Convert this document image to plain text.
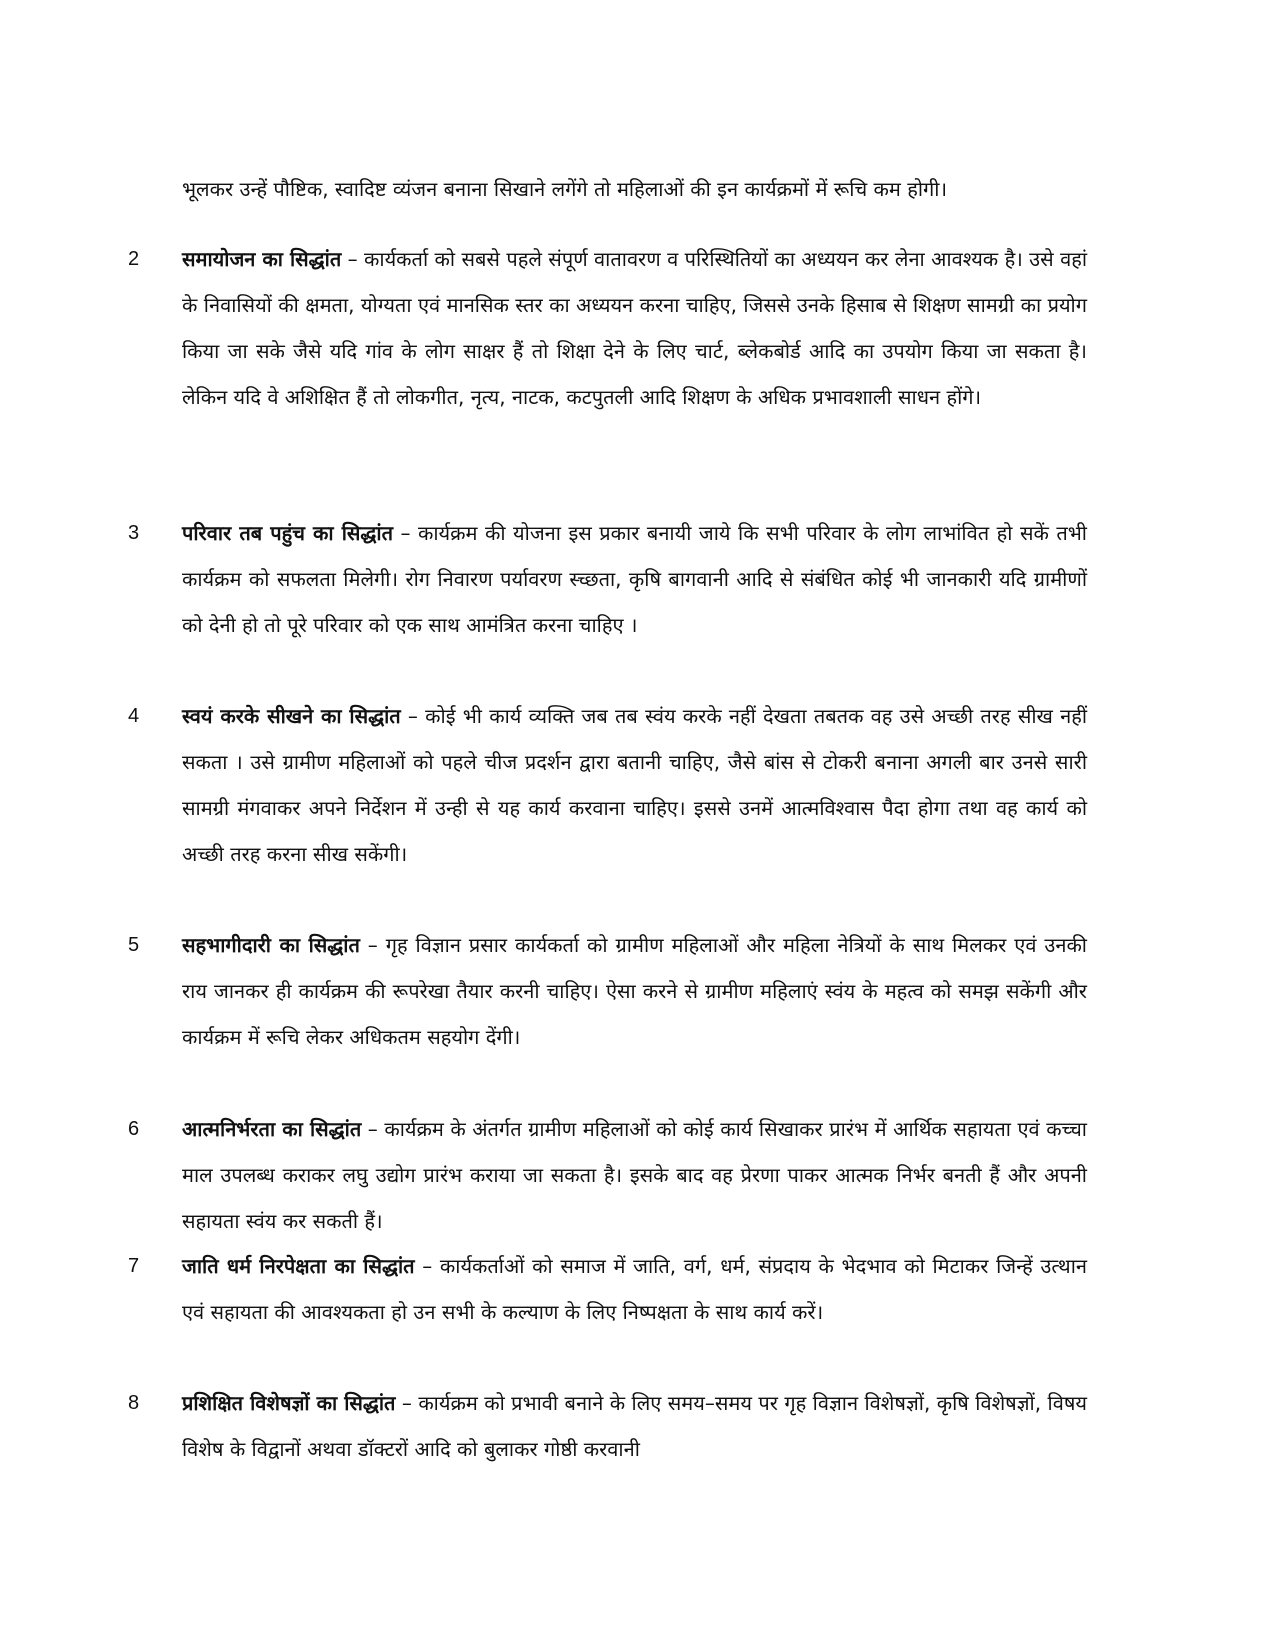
भूलकर उन्हें पौष्टिक, स्वादिष्ट व्यंजन बनाना सिखाने लगेंगे तो महिलाओं की इन कार्यक्रमों में रूचि कम होगी।

2 समायोजन का सिद्धांत – कार्यकर्ता को सबसे पहले संपूर्ण वातावरण व परिस्थितियों का अध्ययन कर लेना आवश्यक है। उसे वहां के निवासियों की क्षमता, योग्यता एवं मानसिक स्तर का अध्ययन करना चाहिए, जिससे उनके हिसाब से शिक्षण सामग्री का प्रयोग किया जा सके जैसे यदि गांव के लोग साक्षर हैं तो शिक्षा देने के लिए चार्ट, ब्लेकबोर्ड आदि का उपयोग किया जा सकता है। लेकिन यदि वे अशिक्षित हैं तो लोकगीत, नृत्य, नाटक, कटपुतली आदि शिक्षण के अधिक प्रभावशाली साधन होंगे।
3 परिवार तब पहुंच का सिद्धांत – कार्यक्रम की योजना इस प्रकार बनायी जाये कि सभी परिवार के लोग लाभांवित हो सकें तभी कार्यक्रम को सफलता मिलेगी। रोग निवारण पर्यावरण स्च्छता, कृषि बागवानी आदि से संबंधित कोई भी जानकारी यदि ग्रामीणों को देनी हो तो पूरे परिवार को एक साथ आमंत्रित करना चाहिए ।
4 स्वयं करके सीखने का सिद्धांत – कोई भी कार्य व्यक्ति जब तब स्वंय करके नहीं देखता तबतक वह उसे अच्छी तरह सीख नहीं सकता । उसे ग्रामीण महिलाओं को पहले चीज प्रदर्शन द्वारा बतानी चाहिए, जैसे बांस से टोकरी बनाना अगली बार उनसे सारी सामग्री मंगवाकर अपने निर्देशन में उन्ही से यह कार्य करवाना चाहिए। इससे उनमें आत्मविश्वास पैदा होगा तथा वह कार्य को अच्छी तरह करना सीख सकेंगी।
5 सहभागीदारी का सिद्धांत – गृह विज्ञान प्रसार कार्यकर्ता को ग्रामीण महिलाओं और महिला नेत्रियों के साथ मिलकर एवं उनकी राय जानकर ही कार्यक्रम की रूपरेखा तैयार करनी चाहिए। ऐसा करने से ग्रामीण महिलाएं स्वंय के महत्व को समझ सकेंगी और कार्यक्रम में रूचि लेकर अधिकतम सहयोग देंगी।
6 आत्मनिर्भरता का सिद्धांत – कार्यक्रम के अंतर्गत ग्रामीण महिलाओं को कोई कार्य सिखाकर प्रारंभ में आर्थिक सहायता एवं कच्चा माल उपलब्ध कराकर लघु उद्योग प्रारंभ कराया जा सकता है। इसके बाद वह प्रेरणा पाकर आत्मक निर्भर बनती हैं और अपनी सहायता स्वंय कर सकती हैं।
7 जाति धर्म निरपेक्षता का सिद्धांत – कार्यकर्ताओं को समाज में जाति, वर्ग, धर्म, संप्रदाय के भेदभाव को मिटाकर जिन्हें उत्थान एवं सहायता की आवश्यकता हो उन सभी के कल्याण के लिए निष्पक्षता के साथ कार्य करें।
8 प्रशिक्षित विशेषज्ञों का सिद्धांत – कार्यक्रम को प्रभावी बनाने के लिए समय–समय पर गृह विज्ञान विशेषज्ञों, कृषि विशेषज्ञों, विषय विशेष के विद्वानों अथवा डॉक्टरों आदि को बुलाकर गोष्ठी करवानी
